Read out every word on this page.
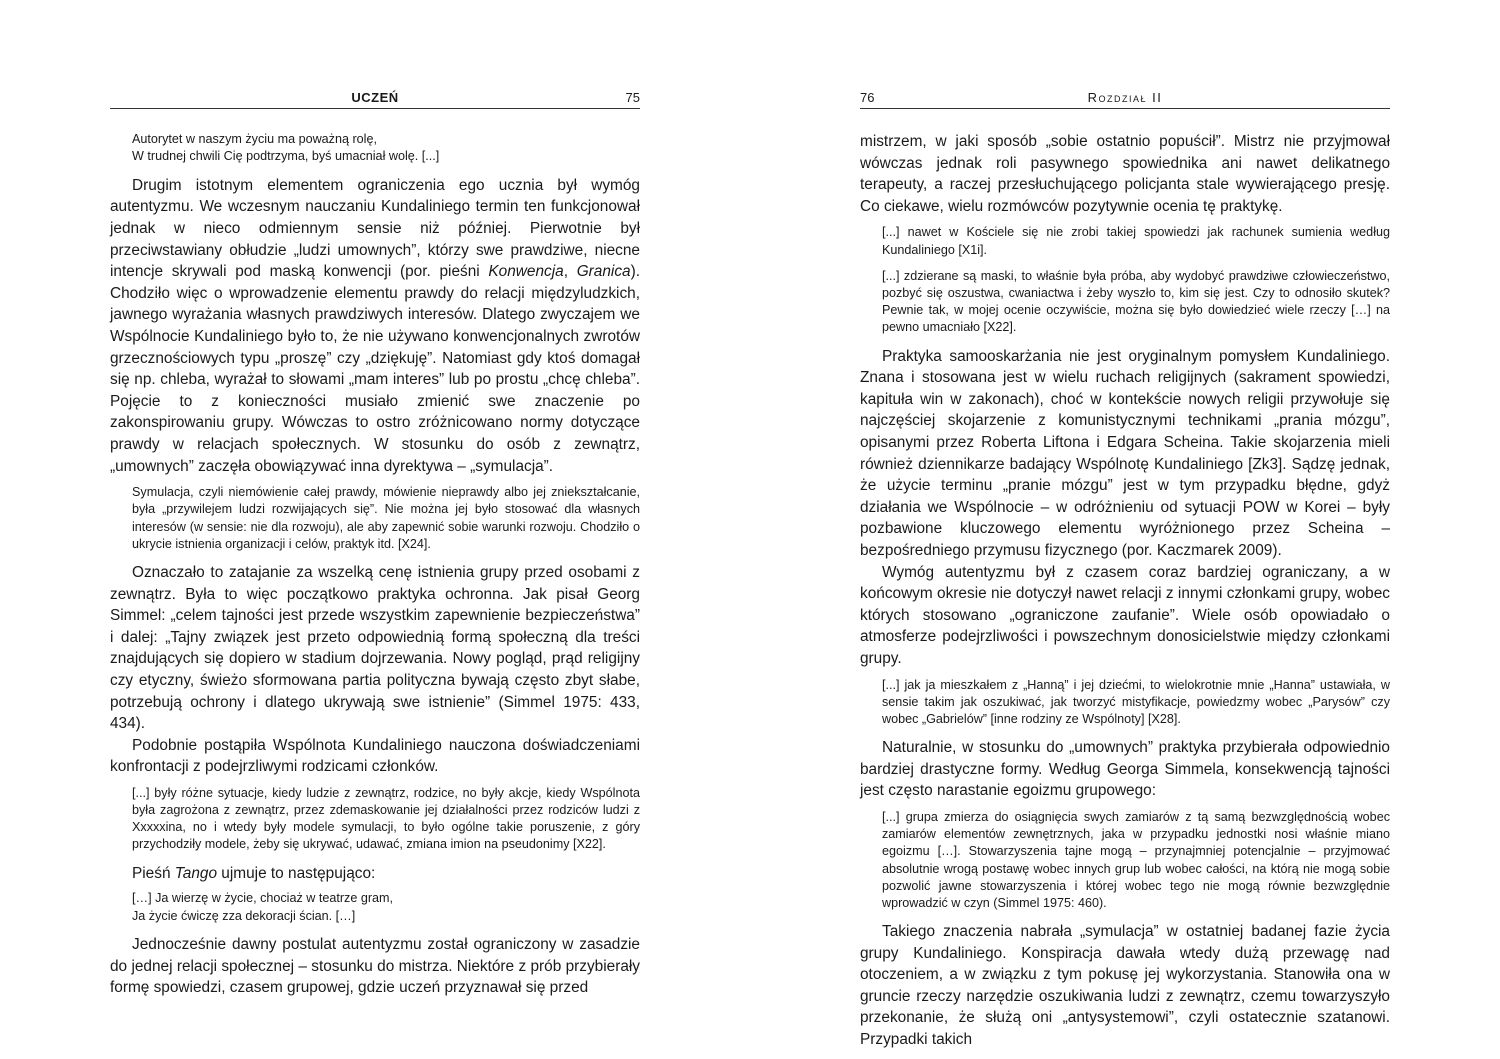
UCZEŃ	75
Autorytet w naszym życiu ma poważną rolę,
W trudnej chwili Cię podtrzyma, byś umacniał wolę. [...]

Drugim istotnym elementem ograniczenia ego ucznia był wymóg autentyzmu. We wczesnym nauczaniu Kundaliniego termin ten funkcjonował jednak w nieco odmiennym sensie niż później. Pierwotnie był przeciwstawiany obłudzie „ludzi umownych”, którzy swe prawdziwe, niecne intencje skrywali pod maską konwencji (por. pieśni Konwencja, Granica). Chodziło więc o wprowadzenie elementu prawdy do relacji międzyludzkich, jawnego wyrażania własnych prawdziwych interesów. Dlatego zwyczajem we Wspólnocie Kundaliniego było to, że nie używano konwencjonalnych zwrotów grzecznościowych typu „proszę” czy „dziękuję”. Natomiast gdy ktoś domagał się np. chleba, wyrażał to słowami „mam interes” lub po prostu „chcę chleba”. Pojęcie to z konieczności musiało zmienić swe znaczenie po zakonspirowaniu grupy. Wówczas to ostro zróżnicowano normy dotyczące prawdy w relacjach społecznych. W stosunku do osób z zewnątrz, „umownych” zaczęła obowiązywać inna dyrektywa – „symulacja”.

Symulacja, czyli niemówienie całej prawdy, mówienie nieprawdy albo jej zniekształcanie, była „przywilejem ludzi rozwijających się”. Nie można jej było stosować dla własnych interesów (w sensie: nie dla rozwoju), ale aby zapewnić sobie warunki rozwoju. Chodziło o ukrycie istnienia organizacji i celów, praktyk itd. [X24].

Oznaczało to zatajanie za wszelką cenę istnienia grupy przed osobami z zewnątrz. Była to więc początkowo praktyka ochronna. Jak pisał Georg Simmel: „celem tajności jest przede wszystkim zapewnienie bezpieczeństwa” i dalej: „Tajny związek jest przeto odpowiednią formą społeczną dla treści znajdujących się dopiero w stadium dojrzewania. Nowy pogląd, prąd religijny czy etyczny, świeżo sformowana partia polityczna bywają często zbyt słabe, potrzebują ochrony i dlatego ukrywają swe istnienie” (Simmel 1975: 433, 434).

Podobnie postąpiła Wspólnota Kundaliniego nauczona doświadczeniami konfrontacji z podejrzliwymi rodzicami członków.

[...] były różne sytuacje, kiedy ludzie z zewnątrz, rodzice, no były akcje, kiedy Wspólnota była zagrożona z zewnątrz, przez zdemaskowanie jej działalności przez rodziców ludzi z Xxxxxina, no i wtedy były modele symulacji, to było ogólne takie poruszenie, z góry przychodziły modele, żeby się ukrywać, udawać, zmiana imion na pseudonimy [X22].

Pieśń Tango ujmuje to następująco:

[…] Ja wierzę w życie, chociaż w teatrze gram,
Ja życie ćwiczę zza dekoracji ścian. […]

Jednocześnie dawny postulat autentyzmu został ograniczony w zasadzie do jednej relacji społecznej – stosunku do mistrza. Niektóre z prób przybierały formę spowiedzi, czasem grupowej, gdzie uczeń przyznawał się przed

76	Rozdział II

mistrzem, w jaki sposób „sobie ostatnio popuścił”. Mistrz nie przyjmował wówczas jednak roli pasywnego spowiednika ani nawet delikatnego terapeuty, a raczej przesłuchującego policjanta stale wywierającego presję. Co ciekawe, wielu rozmówców pozytywnie ocenia tę praktykę.

[...] nawet w Kościele się nie zrobi takiej spowiedzi jak rachunek sumienia według Kundaliniego [X1i].

[...] zdzierane są maski, to właśnie była próba, aby wydobyć prawdziwe człowieczeństwo, pozbyć się oszustwa, cwaniactwa i żeby wyszło to, kim się jest. Czy to odnosiło skutek? Pewnie tak, w mojej ocenie oczywiście, można się było dowiedzieć wiele rzeczy […] na pewno umacniało [X22].

Praktyka samooskarżania nie jest oryginalnym pomysłem Kundaliniego. Znana i stosowana jest w wielu ruchach religijnych (sakrament spowiedzi, kapituła win w zakonach), choć w kontekście nowych religii przywołuje się najczęściej skojarzenie z komunistycznymi technikami „prania mózgu”, opisanymi przez Roberta Liftona i Edgara Scheina. Takie skojarzenia mieli również dziennikarze badający Wspólnotę Kundaliniego [Zk3]. Sądzę jednak, że użycie terminu „pranie mózgu” jest w tym przypadku błędne, gdyż działania we Wspólnocie – w odróżnieniu od sytuacji POW w Korei – były pozbawione kluczowego elementu wyróżnionego przez Scheina – bezpośredniego przymusu fizycznego (por. Kaczmarek 2009).

Wymóg autentyzmu był z czasem coraz bardziej ograniczany, a w końcowym okresie nie dotyczył nawet relacji z innymi członkami grupy, wobec których stosowano „ograniczone zaufanie”. Wiele osób opowiadało o atmosferze podejrzliwości i powszechnym donosicielstwie między członkami grupy.

[...] jak ja mieszkałem z „Hanną” i jej dziećmi, to wielokrotnie mnie „Hanna” ustawiała, w sensie takim jak oszukiwać, jak tworzyć mistyfikacje, powiedzmy wobec „Parysów” czy wobec „Gabrielów” [inne rodziny ze Wspólnoty] [X28].

Naturalnie, w stosunku do „umownych” praktyka przybierała odpowiednio bardziej drastyczne formy. Według Georga Simmela, konsekwencją tajności jest często narastanie egoizmu grupowego:

[...] grupa zmierza do osiągnięcia swych zamiarów z tą samą bezwzględnością wobec zamiarów elementów zewnętrznych, jaka w przypadku jednostki nosi właśnie miano egoizmu […]. Stowarzyszenia tajne mogą – przynajmniej potencjalnie – przyjmować absolutnie wrogą postawę wobec innych grup lub wobec całości, na którą nie mogą sobie pozwolić jawne stowarzyszenia i której wobec tego nie mogą równie bezwzględnie wprowadzić w czyn (Simmel 1975: 460).

Takiego znaczenia nabrała „symulacja” w ostatniej badanej fazie życia grupy Kundaliniego. Konspiracja dawała wtedy dużą przewagę nad otoczeniem, a w związku z tym pokusę jej wykorzystania. Stanowiła ona w gruncie rzeczy narzędzie oszukiwania ludzi z zewnątrz, czemu towarzyszyło przekonanie, że służą oni „antysystemowi”, czyli ostatecznie szatanowi. Przypadki takich
